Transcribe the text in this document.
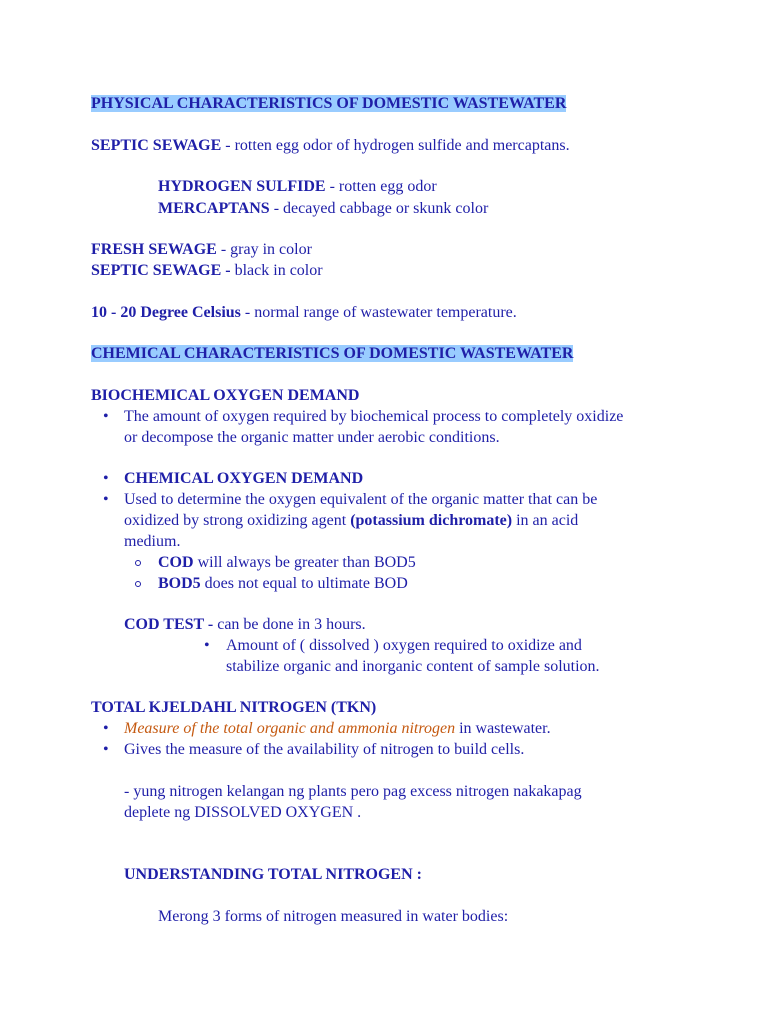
PHYSICAL CHARACTERISTICS OF DOMESTIC WASTEWATER
SEPTIC SEWAGE - rotten egg odor of hydrogen sulfide and mercaptans.
HYDROGEN SULFIDE - rotten egg odor
MERCAPTANS - decayed cabbage or skunk color
FRESH SEWAGE - gray in color
SEPTIC SEWAGE - black in color
10 - 20 Degree Celsius - normal range of wastewater temperature.
CHEMICAL CHARACTERISTICS OF DOMESTIC WASTEWATER
BIOCHEMICAL OXYGEN DEMAND
• The amount of oxygen required by biochemical process to completely oxidize
or decompose the organic matter under aerobic conditions.
• CHEMICAL OXYGEN DEMAND
• Used to determine the oxygen equivalent of the organic matter that can be
oxidized by strong oxidizing agent (potassium dichromate) in an acid
medium.
COD will always be greater than BOD5
BOD5 does not equal to ultimate BOD
COD TEST - can be done in 3 hours.
• Amount of ( dissolved ) oxygen required to oxidize and
stabilize organic and inorganic content of sample solution.
TOTAL KJELDAHL NITROGEN (TKN)
• Measure of the total organic and ammonia nitrogen in wastewater.
• Gives the measure of the availability of nitrogen to build cells.
- yung nitrogen kelangan ng plants pero pag excess nitrogen nakakapag
deplete ng DISSOLVED OXYGEN .
UNDERSTANDING TOTAL NITROGEN :
Merong 3 forms of nitrogen measured in water bodies:
